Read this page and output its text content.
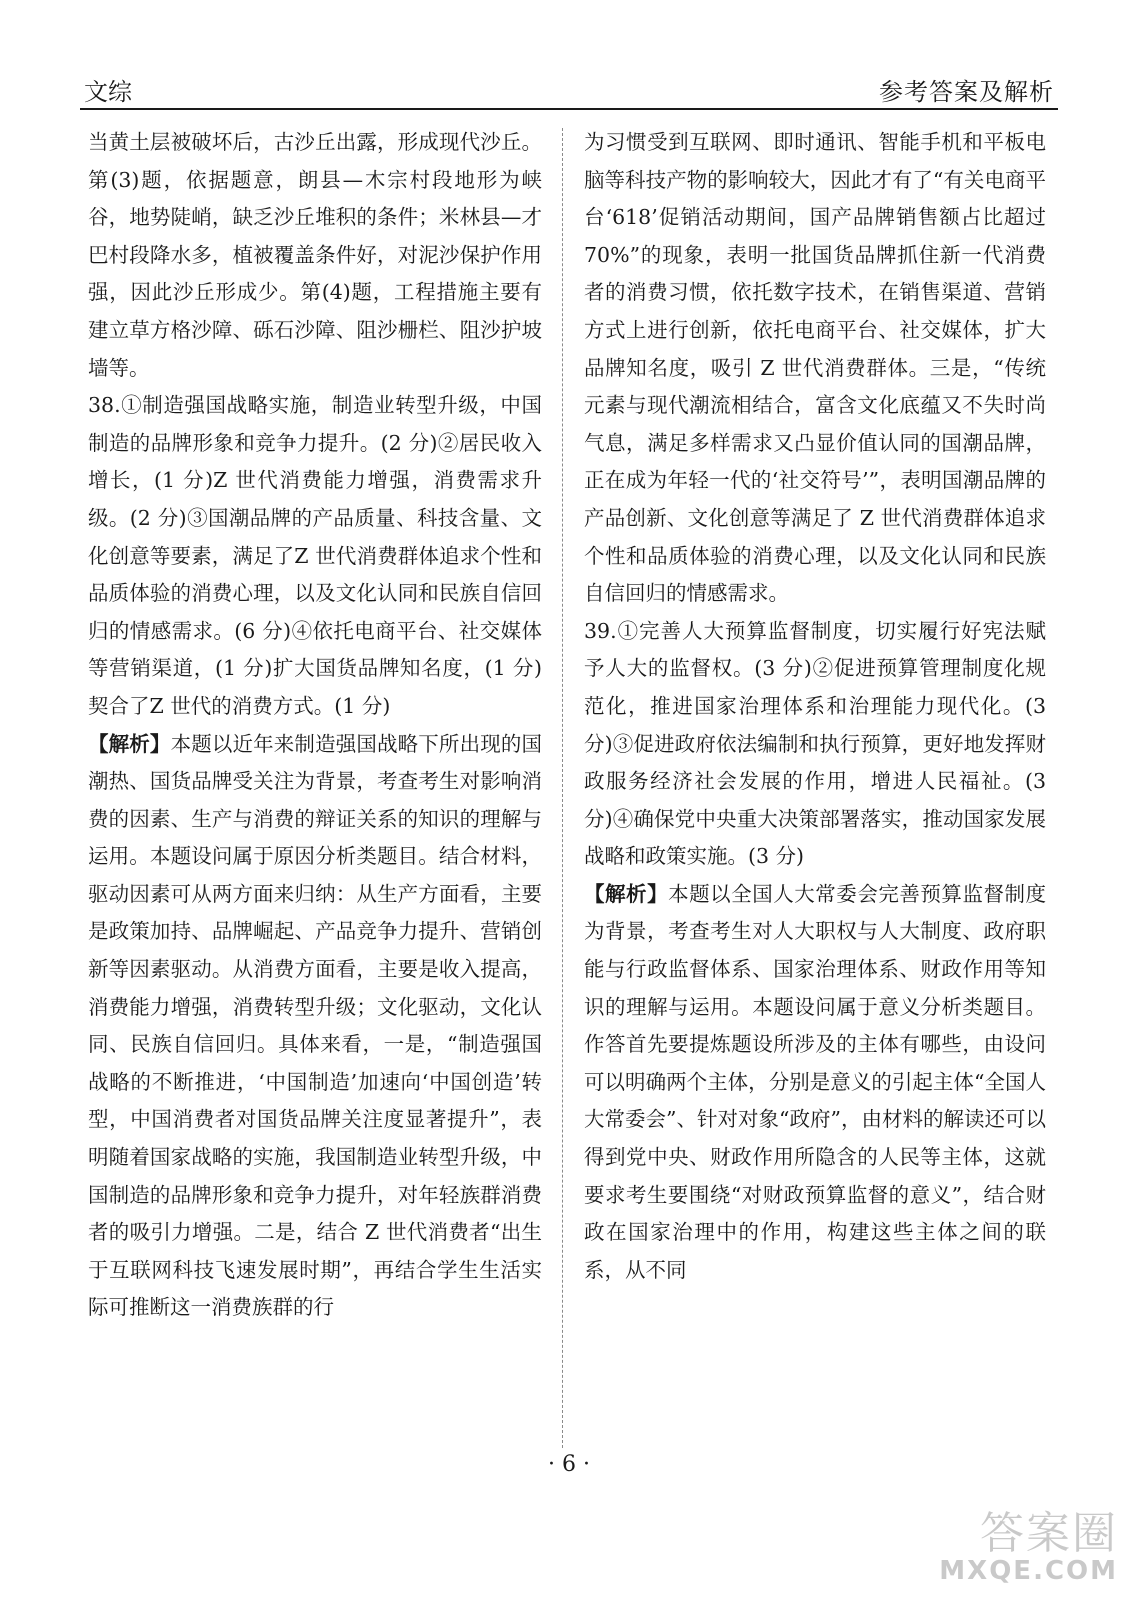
文综	参考答案及解析

当黄土层被破坏后，古沙丘出露，形成现代沙丘。第(3)题，依据题意，朗县—木宗村段地形为峡谷，地势陡峭，缺乏沙丘堆积的条件；米林县—才巴村段降水多，植被覆盖条件好，对泥沙保护作用强，因此沙丘形成少。第(4)题，工程措施主要有建立草方格沙障、砾石沙障、阻沙栅栏、阻沙护坡墙等。

38.①制造强国战略实施，制造业转型升级，中国制造的品牌形象和竞争力提升。(2 分)②居民收入增长，(1 分)Z 世代消费能力增强，消费需求升级。(2 分)③国潮品牌的产品质量、科技含量、文化创意等要素，满足了Z 世代消费群体追求个性和品质体验的消费心理，以及文化认同和民族自信回归的情感需求。(6 分)④依托电商平台、社交媒体等营销渠道，(1 分)扩大国货品牌知名度，(1 分)契合了Z 世代的消费方式。(1 分)

【解析】本题以近年来制造强国战略下所出现的国潮热、国货品牌受关注为背景，考查考生对影响消费的因素、生产与消费的辩证关系的知识的理解与运用。本题设问属于原因分析类题目。结合材料，驱动因素可从两方面来归纳：从生产方面看，主要是政策加持、品牌崛起、产品竞争力提升、营销创新等因素驱动。从消费方面看，主要是收入提高，消费能力增强，消费转型升级；文化驱动，文化认同、民族自信回归。具体来看，一是，“制造强国战略的不断推进，‘中国制造’加速向‘中国创造’转型，中国消费者对国货品牌关注度显著提升”，表明随着国家战略的实施，我国制造业转型升级，中国制造的品牌形象和竞争力提升，对年轻族群消费者的吸引力增强。二是，结合 Z 世代消费者“出生于互联网科技飞速发展时期”，再结合学生生活实际可推断这一消费族群的行

为习惯受到互联网、即时通讯、智能手机和平板电脑等科技产物的影响较大，因此才有了“有关电商平台‘618’促销活动期间，国产品牌销售额占比超过70%”的现象，表明一批国货品牌抓住新一代消费者的消费习惯，依托数字技术，在销售渠道、营销方式上进行创新，依托电商平台、社交媒体，扩大品牌知名度，吸引 Z 世代消费群体。三是，“传统元素与现代潮流相结合，富含文化底蕴又不失时尚气息，满足多样需求又凸显价值认同的国潮品牌，正在成为年轻一代的‘社交符号’”，表明国潮品牌的产品创新、文化创意等满足了 Z 世代消费群体追求个性和品质体验的消费心理，以及文化认同和民族自信回归的情感需求。

39.①完善人大预算监督制度，切实履行好宪法赋予人大的监督权。(3 分)②促进预算管理制度化规范化，推进国家治理体系和治理能力现代化。(3 分)③促进政府依法编制和执行预算，更好地发挥财政服务经济社会发展的作用，增进人民福祉。(3 分)④确保党中央重大决策部署落实，推动国家发展战略和政策实施。(3 分)

【解析】本题以全国人大常委会完善预算监督制度为背景，考查考生对人大职权与人大制度、政府职能与行政监督体系、国家治理体系、财政作用等知识的理解与运用。本题设问属于意义分析类题目。作答首先要提炼题设所涉及的主体有哪些，由设问可以明确两个主体，分别是意义的引起主体“全国人大常委会”、针对对象“政府”，由材料的解读还可以得到党中央、财政作用所隐含的人民等主体，这就要求考生要围绕“对财政预算监督的意义”，结合财政在国家治理中的作用，构建这些主体之间的联系，从不同

· 6 ·
答案圈
MXQE.COM
